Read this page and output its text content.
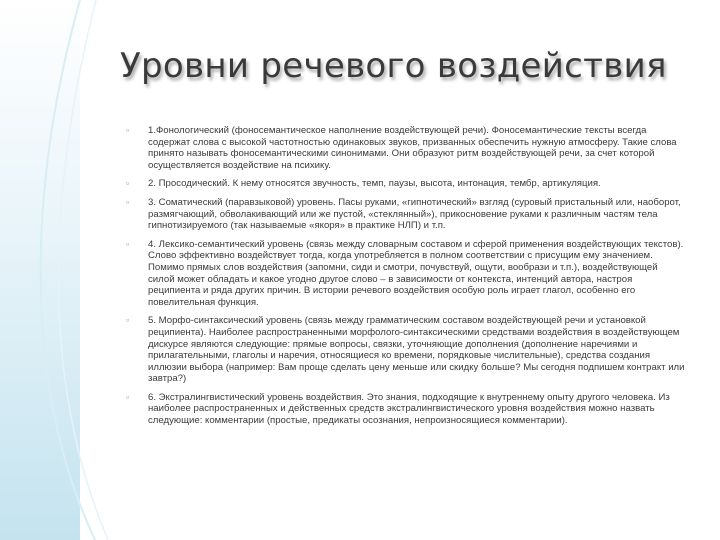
Уровни речевого воздействия
▫ 1.Фонологический (фоносемантическое наполнение воздействующей речи). Фоносемантические тексты всегда содержат слова с высокой частотностью одинаковых звуков, призванных обеспечить нужную атмосферу. Такие слова принято называть фоносемантическими синонимами. Они образуют ритм воздействующей речи, за счет которой осуществляется воздействие на психику.
▫ 2. Просодический. К нему относятся звучность, темп, паузы, высота, интонация, тембр, артикуляция.
▫ 3. Соматический (паравзыковой) уровень. Пасы руками, «гипнотический» взгляд (суровый пристальный или, наоборот, размягчающий, обволакивающий или же пустой, «стеклянный»), прикосновение руками к различным частям тела гипнотизируемого (так называемые «якоря» в практике НЛП) и т.п.
▫ 4. Лексико-семантический уровень (связь между словарным составом и сферой применения воздействующих текстов). Слово эффективно воздействует тогда, когда употребляется в полном соответствии с присущим ему значением. Помимо прямых слов воздействия (запомни, сиди и смотри, почувствуй, ощути, вообрази и т.п.), воздействующей силой может обладать и какое угодно другое слово – в зависимости от контекста, интенций автора, настроя реципиента и ряда других причин. В истории речевого воздействия особую роль играет глагол, особенно его повелительная функция.
▫ 5. Морфо-синтаксический уровень (связь между грамматическим составом воздействующей речи и установкой реципиента). Наиболее распространенными морфолого-синтаксическими средствами воздействия в воздействующем дискурсе являются следующие: прямые вопросы, связки, уточняющие дополнения (дополнение наречиями и прилагательными, глаголы и наречия, относящиеся ко времени, порядковые числительные), средства создания иллюзии выбора (например: Вам проще сделать цену меньше или скидку больше? Мы сегодня подпишем контракт или завтра?)
▫ 6. Экстралингвистический уровень воздействия. Это знания, подходящие к внутреннему опыту другого человека. Из наиболее распространенных и действенных средств экстралингвистического уровня воздействия можно назвать следующие: комментарии (простые, предикаты осознания, непроизносящиеся комментарии).
